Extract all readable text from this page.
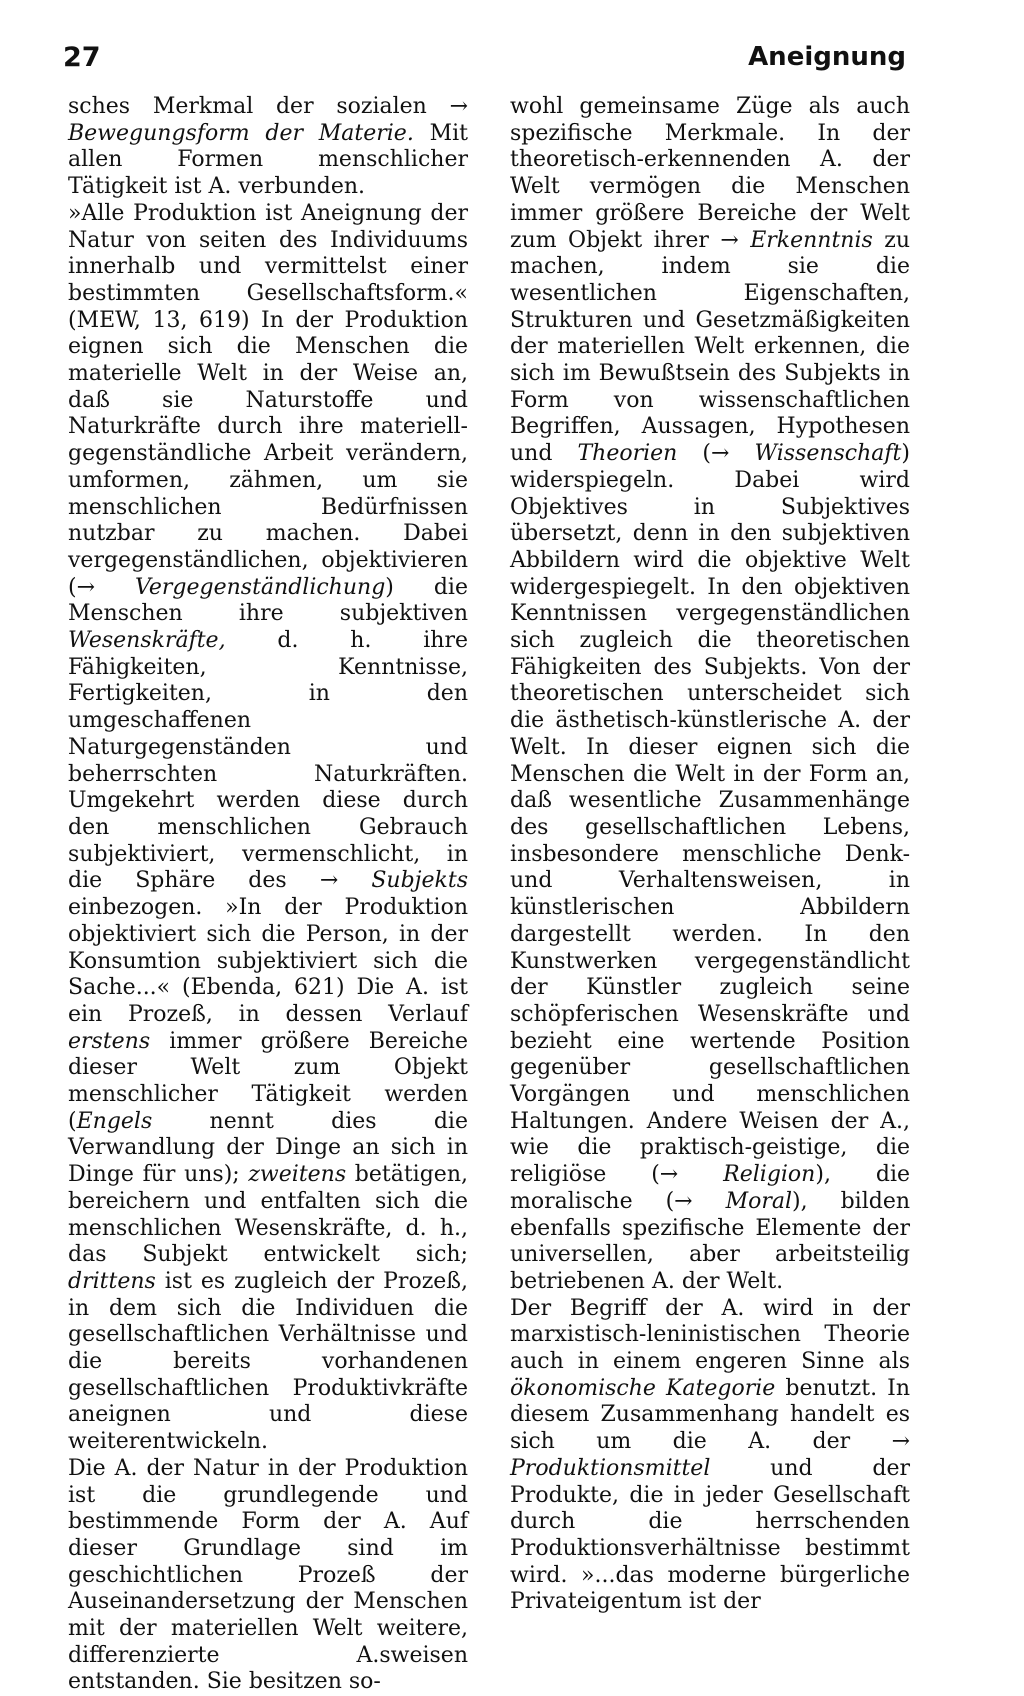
27	Aneignung

sches Merkmal der sozialen → Bewegungsform der Materie. Mit allen Formen menschlicher Tätigkeit ist A. verbunden.

»Alle Produktion ist Aneignung der Natur von seiten des Individuums innerhalb und vermittelst einer bestimmten Gesellschaftsform.« (MEW, 13, 619) In der Produktion eignen sich die Menschen die materielle Welt in der Weise an, daß sie Naturstoffe und Naturkräfte durch ihre materiell-gegenständliche Arbeit verändern, umformen, zähmen, um sie menschlichen Bedürfnissen nutzbar zu machen. Dabei vergegenständlichen, objektivieren (→ Vergegenständlichung) die Menschen ihre subjektiven Wesenskräfte, d. h. ihre Fähigkeiten, Kenntnisse, Fertigkeiten, in den umgeschaffenen Naturgegenständen und beherrschten Naturkräften. Umgekehrt werden diese durch den menschlichen Gebrauch subjektiviert, vermenschlicht, in die Sphäre des → Subjekts einbezogen. »In der Produktion objektiviert sich die Person, in der Konsumtion subjektiviert sich die Sache...« (Ebenda, 621) Die A. ist ein Prozeß, in dessen Verlauf erstens immer größere Bereiche dieser Welt zum Objekt menschlicher Tätigkeit werden (Engels nennt dies die Verwandlung der Dinge an sich in Dinge für uns); zweitens betätigen, bereichern und entfalten sich die menschlichen Wesenskräfte, d. h., das Subjekt entwickelt sich; drittens ist es zugleich der Prozeß, in dem sich die Individuen die gesellschaftlichen Verhältnisse und die bereits vorhandenen gesellschaftlichen Produktivkräfte aneignen und diese weiterentwickeln.

Die A. der Natur in der Produktion ist die grundlegende und bestimmende Form der A. Auf dieser Grundlage sind im geschichtlichen Prozeß der Auseinandersetzung der Menschen mit der materiellen Welt weitere, differenzierte A.sweisen entstanden. Sie besitzen so-

wohl gemeinsame Züge als auch spezifische Merkmale. In der theoretisch-erkennenden A. der Welt vermögen die Menschen immer größere Bereiche der Welt zum Objekt ihrer → Erkenntnis zu machen, indem sie die wesentlichen Eigenschaften, Strukturen und Gesetzmäßigkeiten der materiellen Welt erkennen, die sich im Bewußtsein des Subjekts in Form von wissenschaftlichen Begriffen, Aussagen, Hypothesen und Theorien (→ Wissenschaft) widerspiegeln. Dabei wird Objektives in Subjektives übersetzt, denn in den subjektiven Abbildern wird die objektive Welt widergespiegelt. In den objektiven Kenntnissen vergegenständlichen sich zugleich die theoretischen Fähigkeiten des Subjekts. Von der theoretischen unterscheidet sich die ästhetisch-künstlerische A. der Welt. In dieser eignen sich die Menschen die Welt in der Form an, daß wesentliche Zusammenhänge des gesellschaftlichen Lebens, insbesondere menschliche Denk- und Verhaltensweisen, in künstlerischen Abbildern dargestellt werden. In den Kunstwerken vergegenständlicht der Künstler zugleich seine schöpferischen Wesenskräfte und bezieht eine wertende Position gegenüber gesellschaftlichen Vorgängen und menschlichen Haltungen. Andere Weisen der A., wie die praktisch-geistige, die religiöse (→ Religion), die moralische (→ Moral), bilden ebenfalls spezifische Elemente der universellen, aber arbeitsteilig betriebenen A. der Welt.

Der Begriff der A. wird in der marxistisch-leninistischen Theorie auch in einem engeren Sinne als ökonomische Kategorie benutzt. In diesem Zusammenhang handelt es sich um die A. der → Produktionsmittel und der Produkte, die in jeder Gesellschaft durch die herrschenden Produktionsverhältnisse bestimmt wird. »...das moderne bürgerliche Privateigentum ist der
